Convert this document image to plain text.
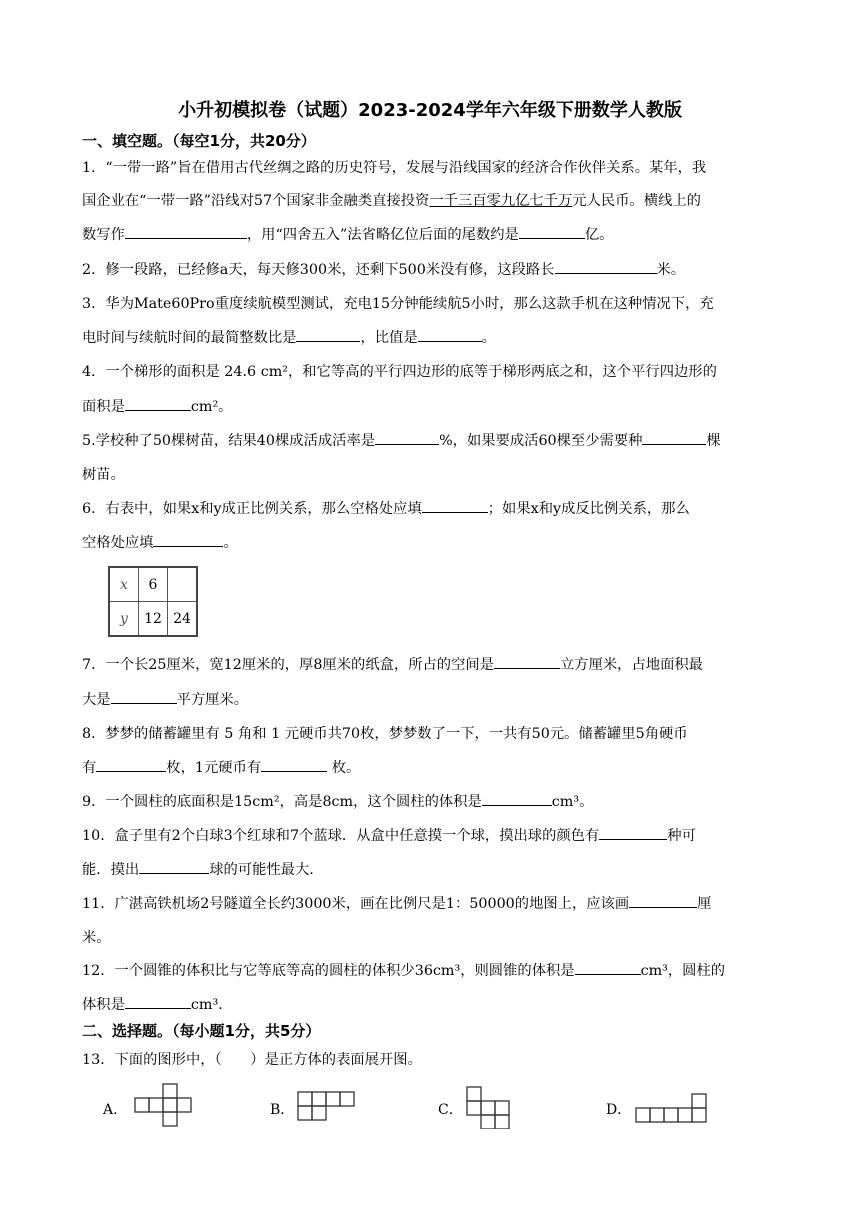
小升初模拟卷（试题）2023-2024学年六年级下册数学人教版
一、填空题。（每空1分，共20分）
1．“一带一路”旨在借用古代丝绸之路的历史符号，发展与沿线国家的经济合作伙伴关系。某年，我
国企业在“一带一路”沿线对57个国家非金融类直接投资一千三百零九亿七千万元人民币。横线上的
数写作	，用“四舍五入”法省略亿位后面的尾数约是	亿。
2．修一段路，已经修a天，每天修300米，还剩下500米没有修，这段路长	米。
3．华为Mate60Pro重度续航模型测试，充电15分钟能续航5小时，那么这款手机在这种情况下，充
电时间与续航时间的最简整数比是	，比值是	。
4．一个梯形的面积是 24.6 cm²，和它等高的平行四边形的底等于梯形两底之和，这个平行四边形的
面积是	cm²。
5.学校种了50棵树苗，结果40棵成活成活率是	%，如果要成活60棵至少需要种	棵
树苗。
6．右表中，如果x和y成正比例关系，那么空格处应填	；如果x和y成反比例关系，那么
空格处应填	。
x	6	
y	12	24
7．一个长25厘米，宽12厘米的，厚8厘米的纸盒，所占的空间是	立方厘米，占地面积最
大是	平方厘米。
8．梦梦的储蓄罐里有 5 角和 1 元硬币共70枚，梦梦数了一下，一共有50元。储蓄罐里5角硬币
有	枚，1元硬币有	枚。
9．一个圆柱的底面积是15cm²，高是8cm，这个圆柱的体积是	cm³。
10．盒子里有2个白球3个红球和7个蓝球．从盒中任意摸一个球，摸出球的颜色有	种可
能．摸出	球的可能性最大.
11．广湛高铁机场2号隧道全长约3000米，画在比例尺是1：50000的地图上，应该画	厘
米。
12．一个圆锥的体积比与它等底等高的圆柱的体积少36cm³，则圆锥的体积是	cm³，圆柱的
体积是	cm³.
二、选择题。（每小题1分，共5分）
13．下面的图形中，（　　）是正方体的表面展开图。
A．	B．	C．	D．
